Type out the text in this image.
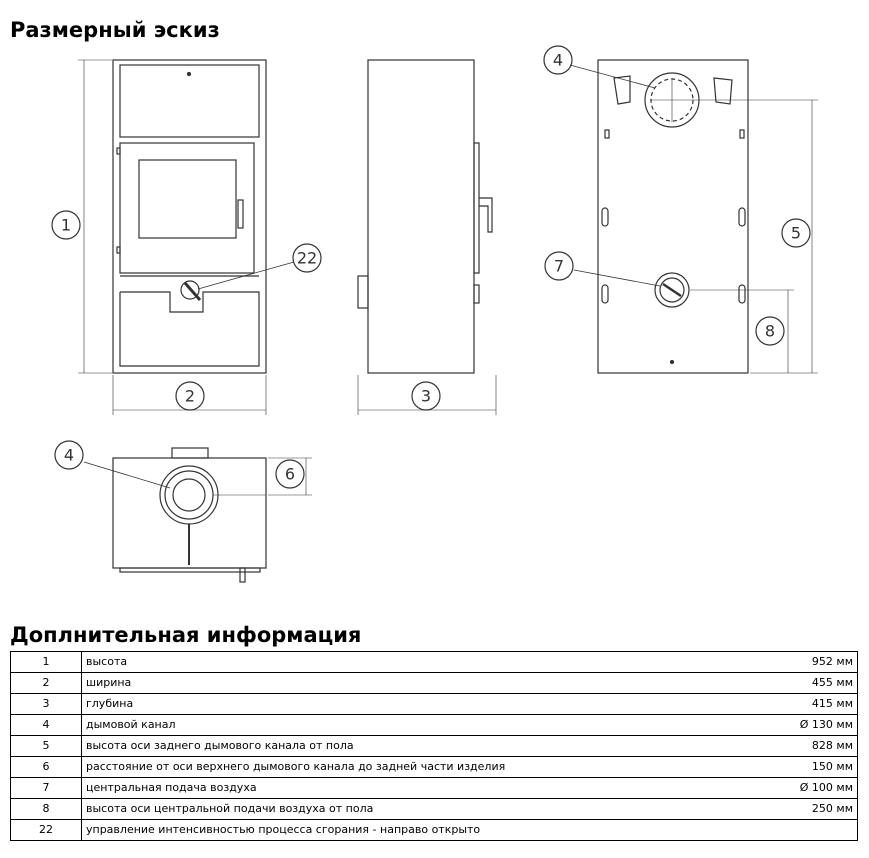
Размерный эскиз
1
2	3
4
5
4
6
7
8
22
Доплнительная информация
1	высота	952 мм
2	ширина	455 мм
3	глубина	415 мм
4	дымовой канал	Ø 130 мм
5	высота оси заднего дымового канала от пола	828 мм
6	расстояние от оси верхнего дымового канала до задней части изделия	150 мм
7	центральная подача воздуха	Ø 100 мм
8	высота оси центральной подачи воздуха от пола	250 мм
22	управление интенсивностью процесса сгорания - направо открыто	
